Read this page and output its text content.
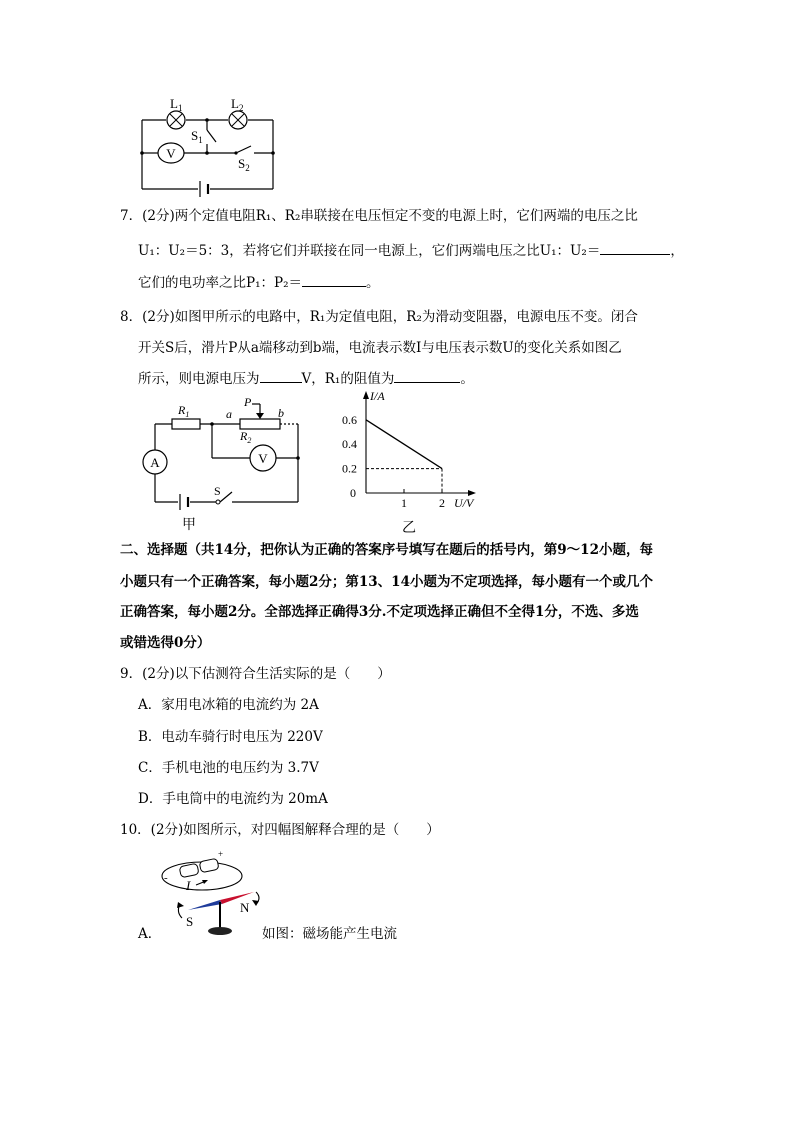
V
$L_1$	$L_2$
$S_1$
$S_2$
7．(2分)两个定值电阻R₁、R₂串联接在电压恒定不变的电源上时，它们两端的电压之比
U₁：U₂＝5：3，若将它们并联接在同一电源上，它们两端电压之比U₁：U₂＝	，
它们的电功率之比P₁：P₂＝	。
8．(2分)如图甲所示的电路中，R₁为定值电阻，R₂为滑动变阻器，电源电压不变。闭合
开关S后，滑片P从a端移动到b端，电流表示数I与电压表示数U的变化关系如图乙
所示，则电源电压为	V，R₁的阻值为	。
A	V
$R_1$	a	b
P
$R_2$
S
甲
I/A
U/V
0
乙
0.2
0.4
0.6
1	2
二、选择题（共14分，把你认为正确的答案序号填写在题后的括号内，第9～12小题，每
小题只有一个正确答案，每小题2分；第13、14小题为不定项选择，每小题有一个或几个
正确答案，每小题2分。全部选择正确得3分.不定项选择正确但不全得1分，不选、多选
或错选得0分）
9．(2分)以下估测符合生活实际的是（　　）
A．家用电冰箱的电流约为 2A
B．电动车骑行时电压为 220V
C．手机电池的电压约为 3.7V
D．手电筒中的电流约为 20mA
10．(2分)如图所示，对四幅图解释合理的是（　　）
-
+
I
S
N
A．	如图：磁场能产生电流
